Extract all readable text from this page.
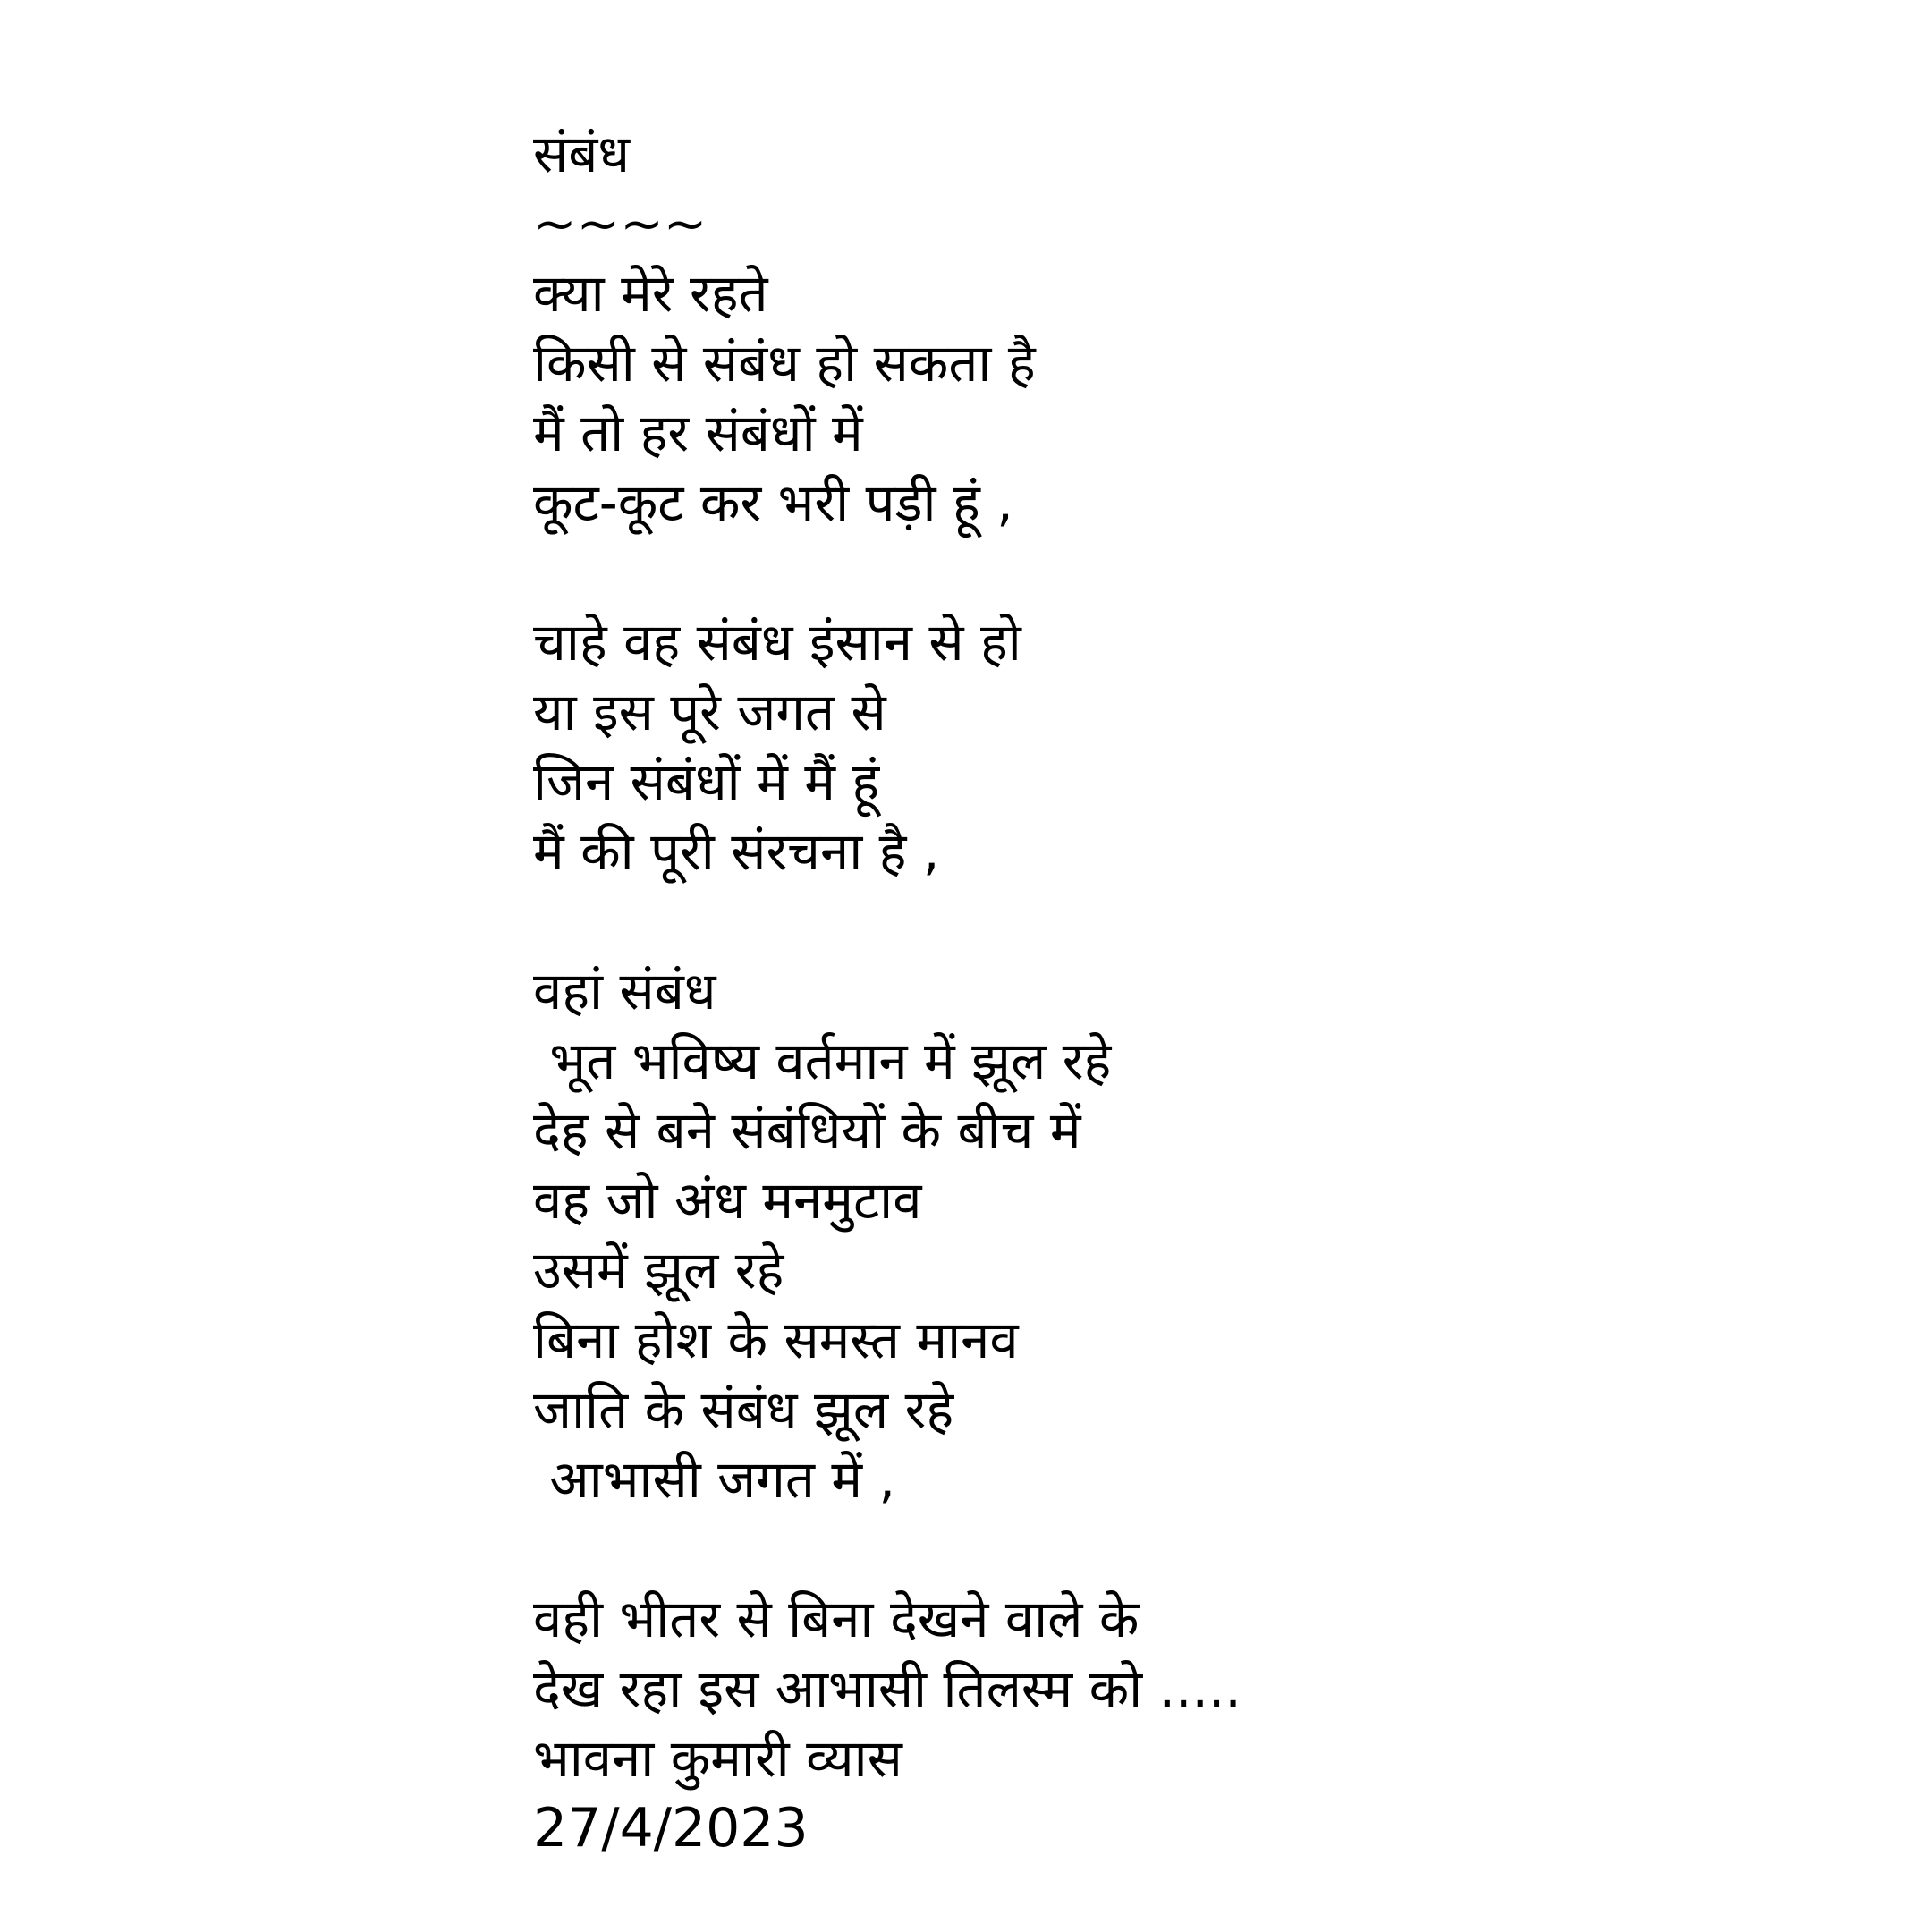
संबंध
~~~~
क्या मेरे रहते
किसी से संबंध हो सकता है
मैं तो हर संबंधों में
कूट-कूट कर भरी पड़ी हूं ,
चाहे वह संबंध इंसान से हो
या इस पूरे जगत से
जिन संबंधों में मैं हूं
मैं की पूरी संरचना है ,
वहां संबंध
भूत भविष्य वर्तमान में झूल रहे
देह से बने संबंधियों के बीच में
वह जो अंध मनमुटाव
उसमें झूल रहे
बिना होश के समस्त मानव
जाति के संबंध झूल रहे
आभासी जगत में ,
वही भीतर से बिना देखने वाले के
देख रहा इस आभासी तिलस्म को .....
भावना कुमारी व्यास
27/4/2023
